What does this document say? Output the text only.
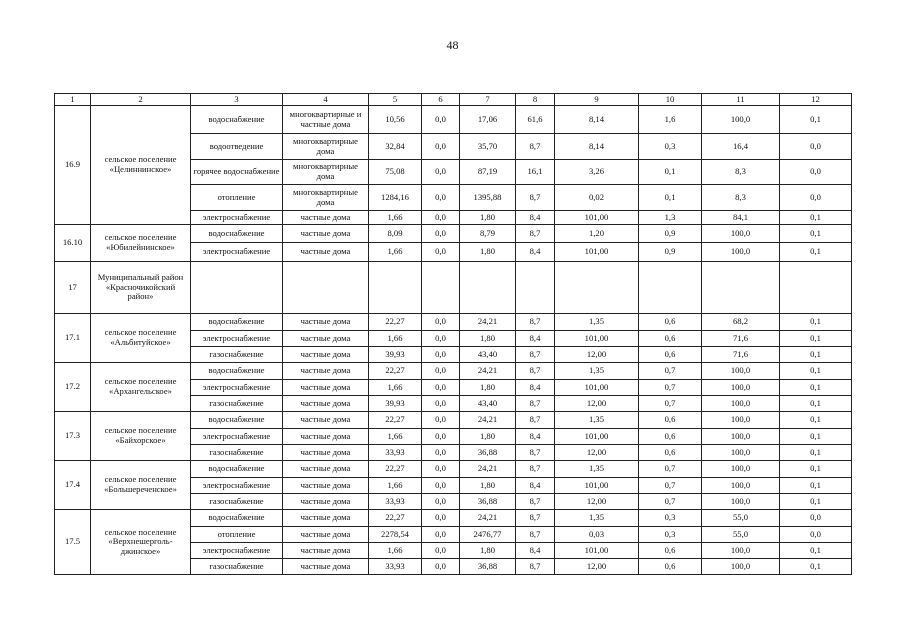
48
1	2	3	4	5	6	7	8	9	10	11	12
16.9	сельское поселение «Целиннинское»	водоснабжение	многоквартирные и частные дома	10,56	0,0	17,06	61,6	8,14	1,6	100,0	0,1
		водоотведение	многоквартирные дома	32,84	0,0	35,70	8,7	8,14	0,3	16,4	0,0
		горячее водоснабжение	многоквартирные дома	75,08	0,0	87,19	16,1	3,26	0,1	8,3	0,0
		отопление	многоквартирные дома	1284,16	0,0	1395,88	8,7	0,02	0,1	8,3	0,0
		электроснабжение	частные дома	1,66	0,0	1,80	8,4	101,00	1,3	84,1	0,1
16.10	сельское поселение «Юбилейнинское»	водоснабжение	частные дома	8,09	0,0	8,79	8,7	1,20	0,9	100,0	0,1
		электроснабжение	частные дома	1,66	0,0	1,80	8,4	101,00	0,9	100,0	0,1
17	Муниципальный район «Красночикойский район»										
17.1	сельское поселение «Альбитуйское»	водоснабжение	частные дома	22,27	0,0	24,21	8,7	1,35	0,6	68,2	0,1
		электроснабжение	частные дома	1,66	0,0	1,80	8,4	101,00	0,6	71,6	0,1
		газоснабжение	частные дома	39,93	0,0	43,40	8,7	12,00	0,6	71,6	0,1
17.2	сельское поселение «Архангельское»	водоснабжение	частные дома	22,27	0,0	24,21	8,7	1,35	0,7	100,0	0,1
		электроснабжение	частные дома	1,66	0,0	1,80	8,4	101,00	0,7	100,0	0,1
		газоснабжение	частные дома	39,93	0,0	43,40	8,7	12,00	0,7	100,0	0,1
17.3	сельское поселение «Байхорское»	водоснабжение	частные дома	22,27	0,0	24,21	8,7	1,35	0,6	100,0	0,1
		электроснабжение	частные дома	1,66	0,0	1,80	8,4	101,00	0,6	100,0	0,1
		газоснабжение	частные дома	33,93	0,0	36,88	8,7	12,00	0,6	100,0	0,1
17.4	сельское поселение «Большереченское»	водоснабжение	частные дома	22,27	0,0	24,21	8,7	1,35	0,7	100,0	0,1
		электроснабжение	частные дома	1,66	0,0	1,80	8,4	101,00	0,7	100,0	0,1
		газоснабжение	частные дома	33,93	0,0	36,88	8,7	12,00	0,7	100,0	0,1
17.5	сельское поселение «Верхнешерголь-джинское»	водоснабжение	частные дома	22,27	0,0	24,21	8,7	1,35	0,3	55,0	0,0
		отопление	частные дома	2278,54	0,0	2476,77	8,7	0,03	0,3	55,0	0,0
		электроснабжение	частные дома	1,66	0,0	1,80	8,4	101,00	0,6	100,0	0,1
		газоснабжение	частные дома	33,93	0,0	36,88	8,7	12,00	0,6	100,0	0,1
